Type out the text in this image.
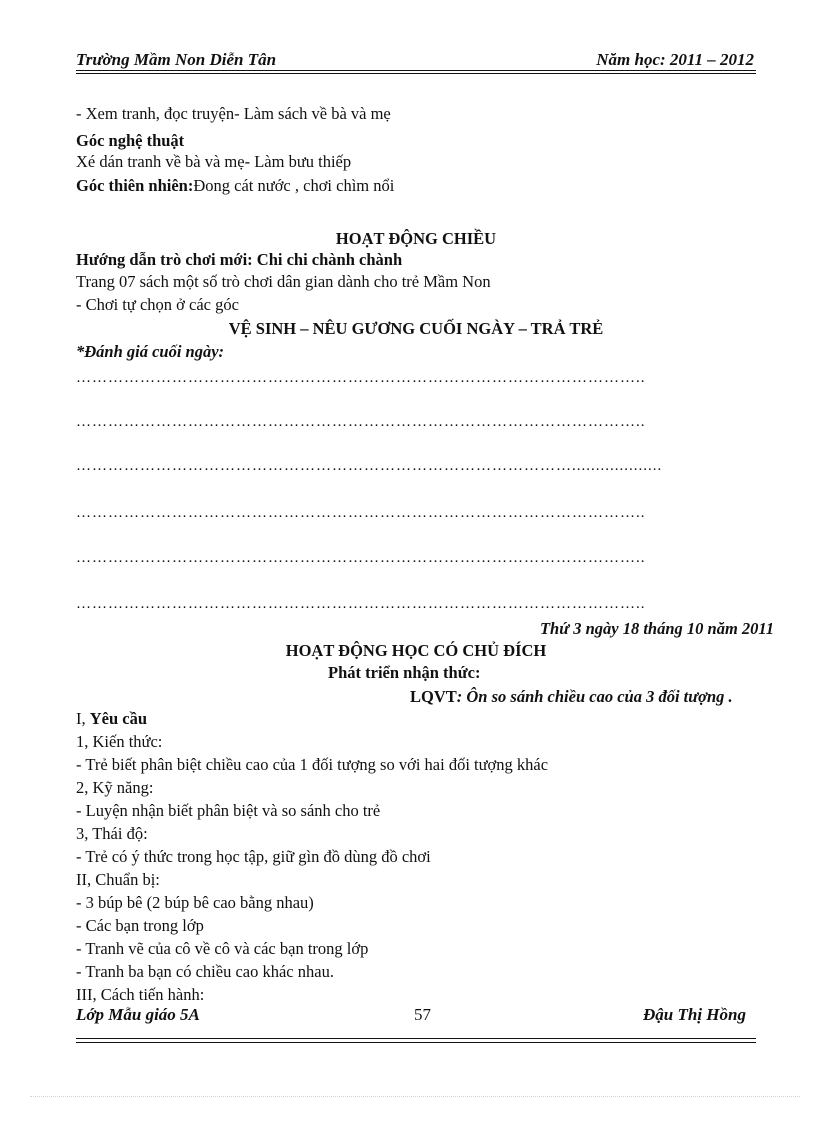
Trường Mầm Non Diễn Tân	Năm học: 2011 – 2012
- Xem tranh, đọc truyện- Làm sách về bà và mẹ
Góc nghệ thuật
Xé dán tranh về bà và mẹ- Làm bưu thiếp
Góc thiên nhiên:Đong cát nước , chơi chìm nổi
HOẠT ĐỘNG CHIỀU
Hướng dẫn trò chơi mới: Chi chi chành chành
Trang 07 sách một số trò chơi dân gian dành cho trẻ Mầm Non
- Chơi tự chọn ở các góc
VỆ SINH – NÊU GƯƠNG CUỐI NGÀY – TRẢ TRẺ
*Đánh giá cuối ngày:
……………………………………………………………………………………………..
……………………………………………………………………………………………..
…………………………………………………………………………………...................
……………………………………………………………………………………………..
……………………………………………………………………………………………..
……………………………………………………………………………………………..
Thứ 3 ngày 18 tháng 10 năm 2011
HOẠT ĐỘNG HỌC CÓ CHỦ ĐÍCH
Phát triển nhận thức:
LQVT: Ôn so sánh chiều cao của 3 đối tượng .
I, Yêu cầu
1, Kiến thức:
- Trẻ biết phân biệt chiều cao của 1 đối tượng so với hai đối tượng khác
2, Kỹ năng:
- Luyện nhận biết phân biệt và so sánh cho trẻ
3, Thái độ:
- Trẻ có ý thức trong học tập, giữ gìn đồ dùng đồ chơi
II, Chuẩn bị:
- 3 búp bê (2 búp bê cao bằng nhau)
- Các bạn trong lớp
- Tranh vẽ của cô về cô và các bạn trong lớp
- Tranh ba bạn có chiều cao khác nhau.
III, Cách tiến hành:
Lớp Mẫu giáo 5A	57	Đậu Thị Hồng
